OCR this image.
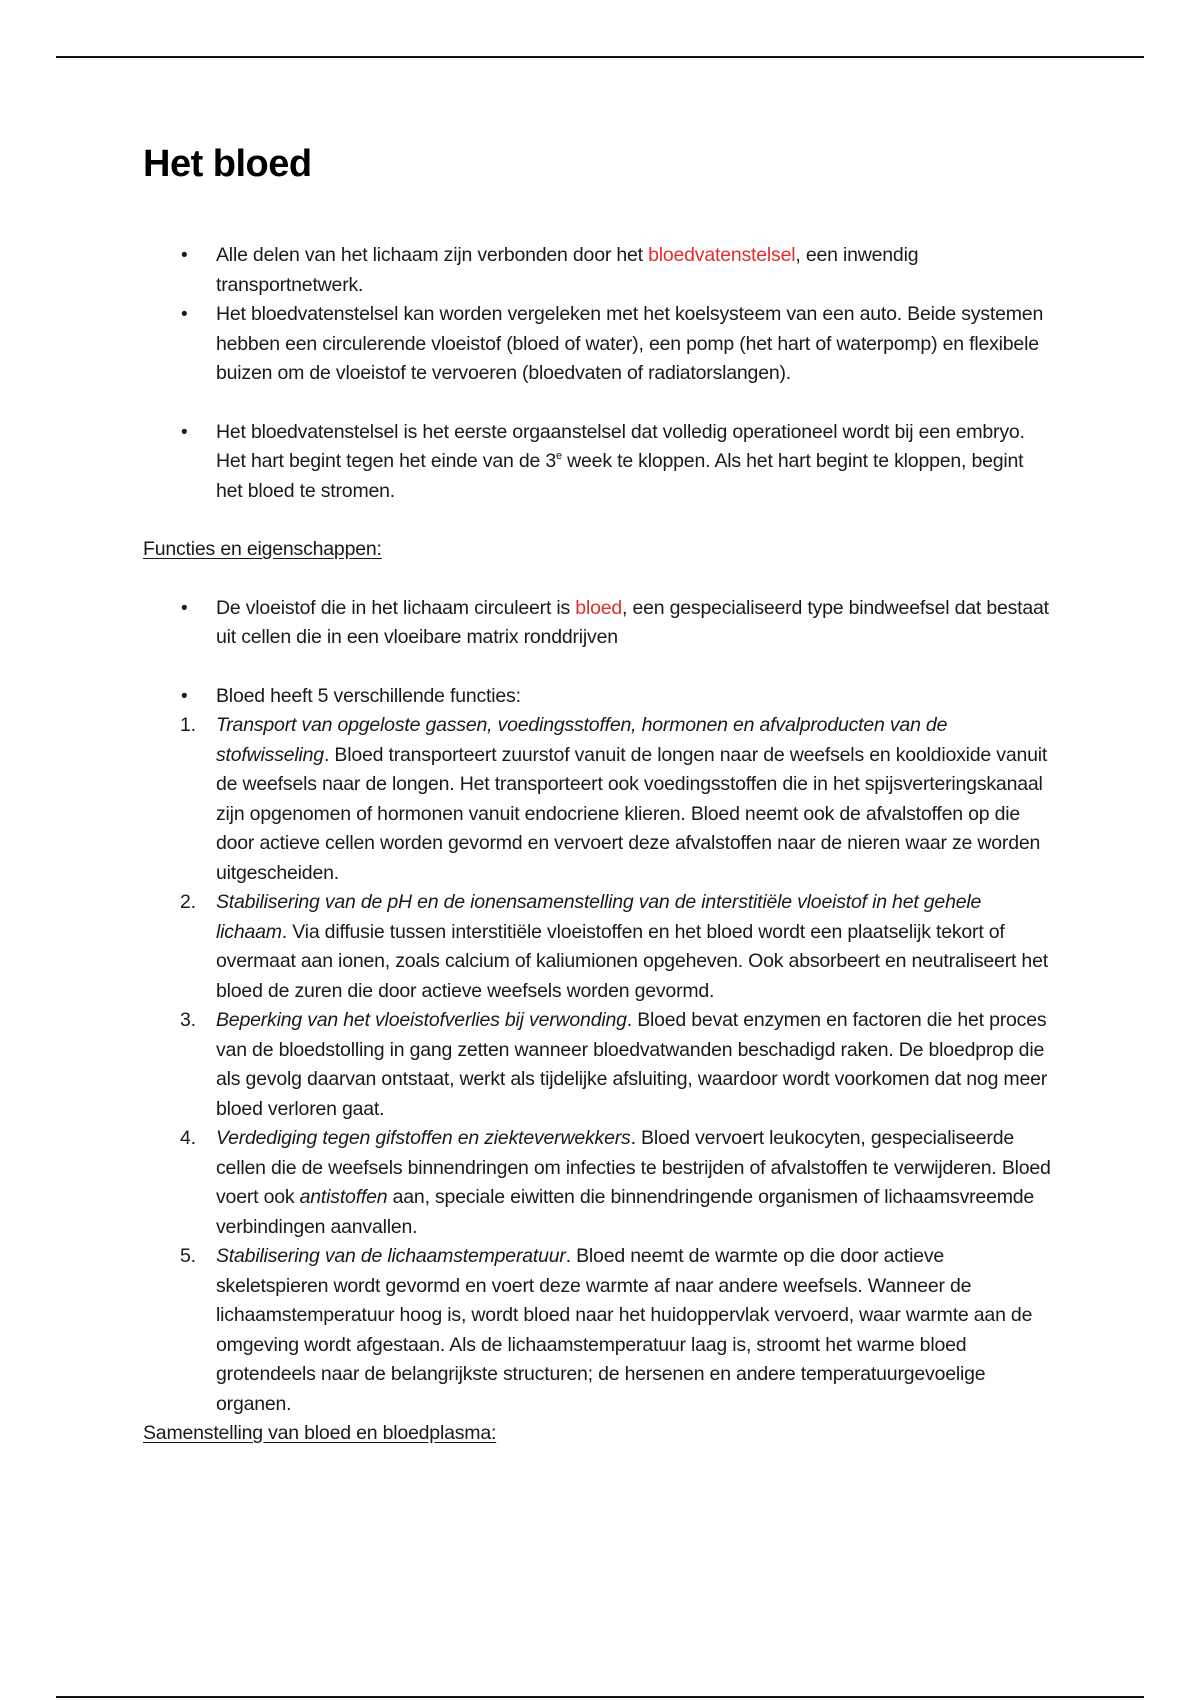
Het bloed
•	Alle delen van het lichaam zijn verbonden door het bloedvatenstelsel, een inwendig transportnetwerk.
•	Het bloedvatenstelsel kan worden vergeleken met het koelsysteem van een auto. Beide systemen hebben een circulerende vloeistof (bloed of water), een pomp (het hart of waterpomp) en flexibele buizen om de vloeistof te vervoeren (bloedvaten of radiatorslangen).
•	Het bloedvatenstelsel is het eerste orgaanstelsel dat volledig operationeel wordt bij een embryo. Het hart begint tegen het einde van de 3e week te kloppen. Als het hart begint te kloppen, begint het bloed te stromen.
Functies en eigenschappen:
•	De vloeistof die in het lichaam circuleert is bloed, een gespecialiseerd type bindweefsel dat bestaat uit cellen die in een vloeibare matrix ronddrijven
•	Bloed heeft 5 verschillende functies:
1. Transport van opgeloste gassen, voedingsstoffen, hormonen en afvalproducten van de stofwisseling. Bloed transporteert zuurstof vanuit de longen naar de weefsels en kooldioxide vanuit de weefsels naar de longen. Het transporteert ook voedingsstoffen die in het spijsverteringskanaal zijn opgenomen of hormonen vanuit endocriene klieren. Bloed neemt ook de afvalstoffen op die door actieve cellen worden gevormd en vervoert deze afvalstoffen naar de nieren waar ze worden uitgescheiden.
2. Stabilisering van de pH en de ionensamenstelling van de interstitiële vloeistof in het gehele lichaam. Via diffusie tussen interstitiële vloeistoffen en het bloed wordt een plaatselijk tekort of overmaat aan ionen, zoals calcium of kaliumionen opgeheven. Ook absorbeert en neutraliseert het bloed de zuren die door actieve weefsels worden gevormd.
3. Beperking van het vloeistofverlies bij verwonding. Bloed bevat enzymen en factoren die het proces van de bloedstolling in gang zetten wanneer bloedvatwanden beschadigd raken. De bloedprop die als gevolg daarvan ontstaat, werkt als tijdelijke afsluiting, waardoor wordt voorkomen dat nog meer bloed verloren gaat.
4. Verdediging tegen gifstoffen en ziekteverwekkers. Bloed vervoert leukocyten, gespecialiseerde cellen die de weefsels binnendringen om infecties te bestrijden of afvalstoffen te verwijderen. Bloed voert ook antistoffen aan, speciale eiwitten die binnendringende organismen of lichaamsvreemde verbindingen aanvallen.
5. Stabilisering van de lichaamstemperatuur. Bloed neemt de warmte op die door actieve skeletspieren wordt gevormd en voert deze warmte af naar andere weefsels. Wanneer de lichaamstemperatuur hoog is, wordt bloed naar het huidoppervlak vervoerd, waar warmte aan de omgeving wordt afgestaan. Als de lichaamstemperatuur laag is, stroomt het warme bloed grotendeels naar de belangrijkste structuren; de hersenen en andere temperatuurgevoelige organen.
Samenstelling van bloed en bloedplasma:
